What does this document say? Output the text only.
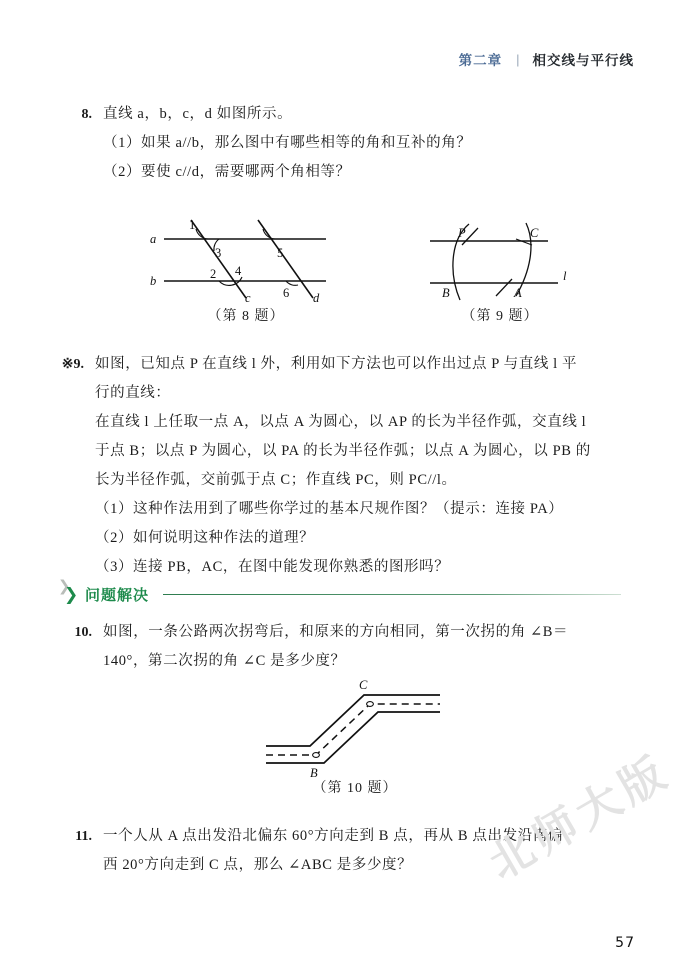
第二章 | 相交线与平行线
8. 直线 a，b，c，d 如图所示。
（1）如果 a//b，那么图中有哪些相等的角和互补的角？
（2）要使 c//d，需要哪两个角相等？
a
b
c	d
1
3
2 4
5
6
（第 8 题）
P	C
B	A
l
（第 9 题）
※9. 如图，已知点 P 在直线 l 外，利用如下方法也可以作出过点 P 与直线 l 平
行的直线：
在直线 l 上任取一点 A，以点 A 为圆心，以 AP 的长为半径作弧，交直线 l
于点 B；以点 P 为圆心，以 PA 的长为半径作弧；以点 A 为圆心，以 PB 的
长为半径作弧，交前弧于点 C；作直线 PC，则 PC//l。
（1）这种作法用到了哪些你学过的基本尺规作图？（提示：连接 PA）
（2）如何说明这种作法的道理？
（3）连接 PB，AC，在图中能发现你熟悉的图形吗？
❯
❯ 问题解决
10. 如图，一条公路两次拐弯后，和原来的方向相同，第一次拐的角 ∠B＝
140°，第二次拐的角 ∠C 是多少度？
B
C
（第 10 题）
11. 一个人从 A 点出发沿北偏东 60°方向走到 B 点，再从 B 点出发沿南偏
西 20°方向走到 C 点，那么 ∠ABC 是多少度？	北师大版
57
